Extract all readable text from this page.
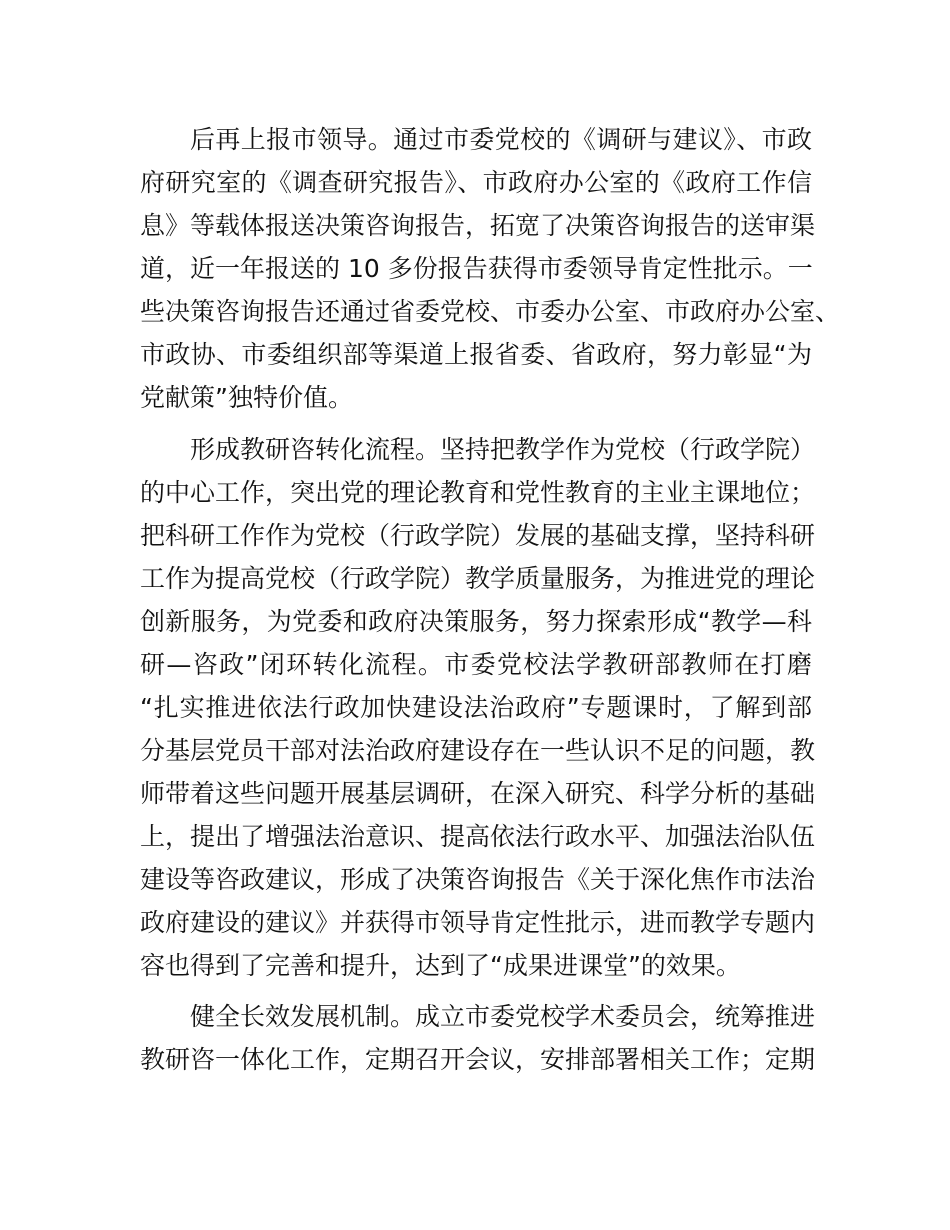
后再上报市领导。通过市委党校的《调研与建议》、市政
府研究室的《调查研究报告》、市政府办公室的《政府工作信
息》等载体报送决策咨询报告，拓宽了决策咨询报告的送审渠
道，近一年报送的 10 多份报告获得市委领导肯定性批示。一
些决策咨询报告还通过省委党校、市委办公室、市政府办公室、
市政协、市委组织部等渠道上报省委、省政府，努力彰显“为
党献策”独特价值。
形成教研咨转化流程。坚持把教学作为党校（行政学院）
的中心工作，突出党的理论教育和党性教育的主业主课地位；
把科研工作作为党校（行政学院）发展的基础支撑，坚持科研
工作为提高党校（行政学院）教学质量服务，为推进党的理论
创新服务，为党委和政府决策服务，努力探索形成“教学—科
研—咨政”闭环转化流程。市委党校法学教研部教师在打磨
“扎实推进依法行政加快建设法治政府”专题课时，了解到部
分基层党员干部对法治政府建设存在一些认识不足的问题，教
师带着这些问题开展基层调研，在深入研究、科学分析的基础
上，提出了增强法治意识、提高依法行政水平、加强法治队伍
建设等咨政建议，形成了决策咨询报告《关于深化焦作市法治
政府建设的建议》并获得市领导肯定性批示，进而教学专题内
容也得到了完善和提升，达到了“成果进课堂”的效果。
健全长效发展机制。成立市委党校学术委员会，统筹推进
教研咨一体化工作，定期召开会议，安排部署相关工作；定期
